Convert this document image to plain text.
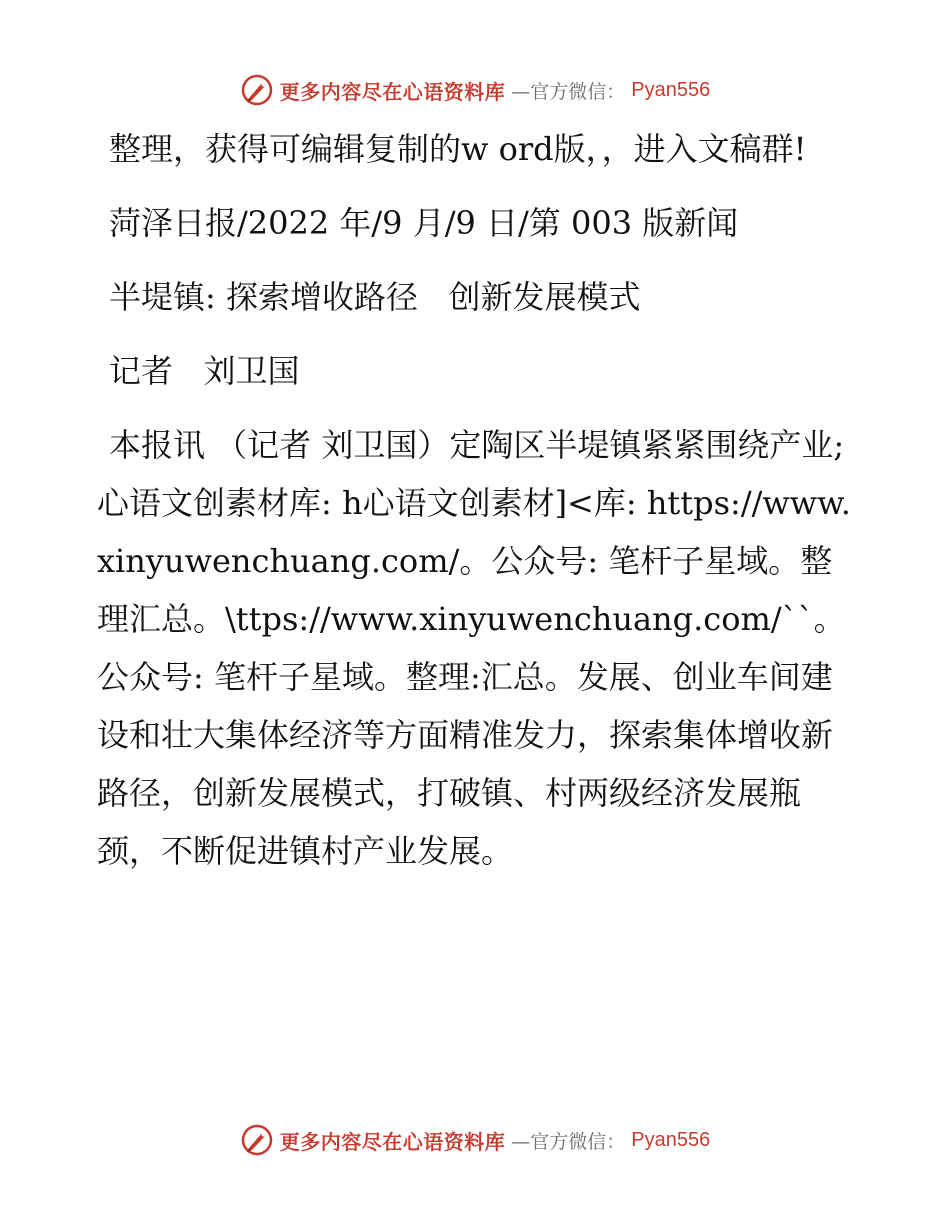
更多内容尽在心语资料库 —官方微信： Pyan556

整理，获得可编辑复制的w ord版，，进入文稿群!

菏泽日报/2022 年/9 月/9 日/第 003 版新闻

半堤镇: 探索增收路径   创新发展模式

记者   刘卫国

本报讯 （记者 刘卫国）定陶区半堤镇紧紧围绕产业;心语文创素材库: h心语文创素材]<库: https://www.xinyuwenchuang.com/。公众号: 笔杆子星域。整理汇总。\ttps://www.xinyuwenchuang.com/``。公众号: 笔杆子星域。整理:汇总。发展、创业车间建设和壮大集体经济等方面精准发力，探索集体增收新路径，创新发展模式，打破镇、村两级经济发展瓶颈，不断促进镇村产业发展。

更多内容尽在心语资料库 —官方微信： Pyan556
